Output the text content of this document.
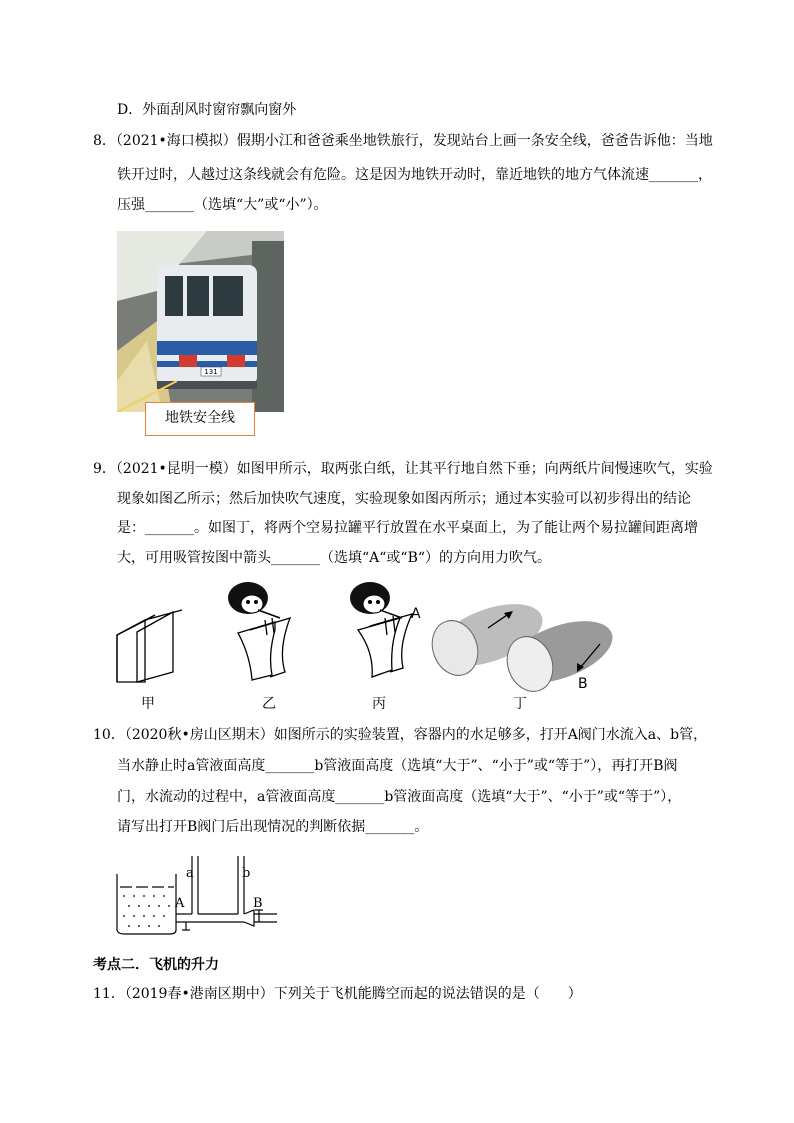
D．外面刮风时窗帘飘向窗外
8．（2021•海口模拟）假期小江和爸爸乘坐地铁旅行，发现站台上画一条安全线，爸爸告诉他：当地
铁开过时，人越过这条线就会有危险。这是因为地铁开动时，靠近地铁的地方气体流速_______，
压强_______（选填“大”或“小”）。
131
地铁安全线
9．（2021•昆明一模）如图甲所示，取两张白纸，让其平行地自然下垂；向两纸片间慢速吹气，实验
现象如图乙所示；然后加快吹气速度，实验现象如图丙所示；通过本实验可以初步得出的结论
是：_______。如图丁，将两个空易拉罐平行放置在水平桌面上，为了能让两个易拉罐间距离增
大，可用吸管按图中箭头_______（选填“A“或“B“）的方向用力吹气。
A
B
甲	乙	丙	丁
10．（2020秋•房山区期末）如图所示的实验装置，容器内的水足够多，打开A阀门水流入a、b管，
当水静止时a管液面高度_______b管液面高度（选填“大于”、“小于”或“等于”），再打开B阀
门，水流动的过程中，a管液面高度_______b管液面高度（选填“大于”、“小于”或“等于”），
请写出打开B阀门后出现情况的判断依据_______。
a	b
A	B
考点二．飞机的升力
11．（2019春•港南区期中）下列关于飞机能腾空而起的说法错误的是（　　）
